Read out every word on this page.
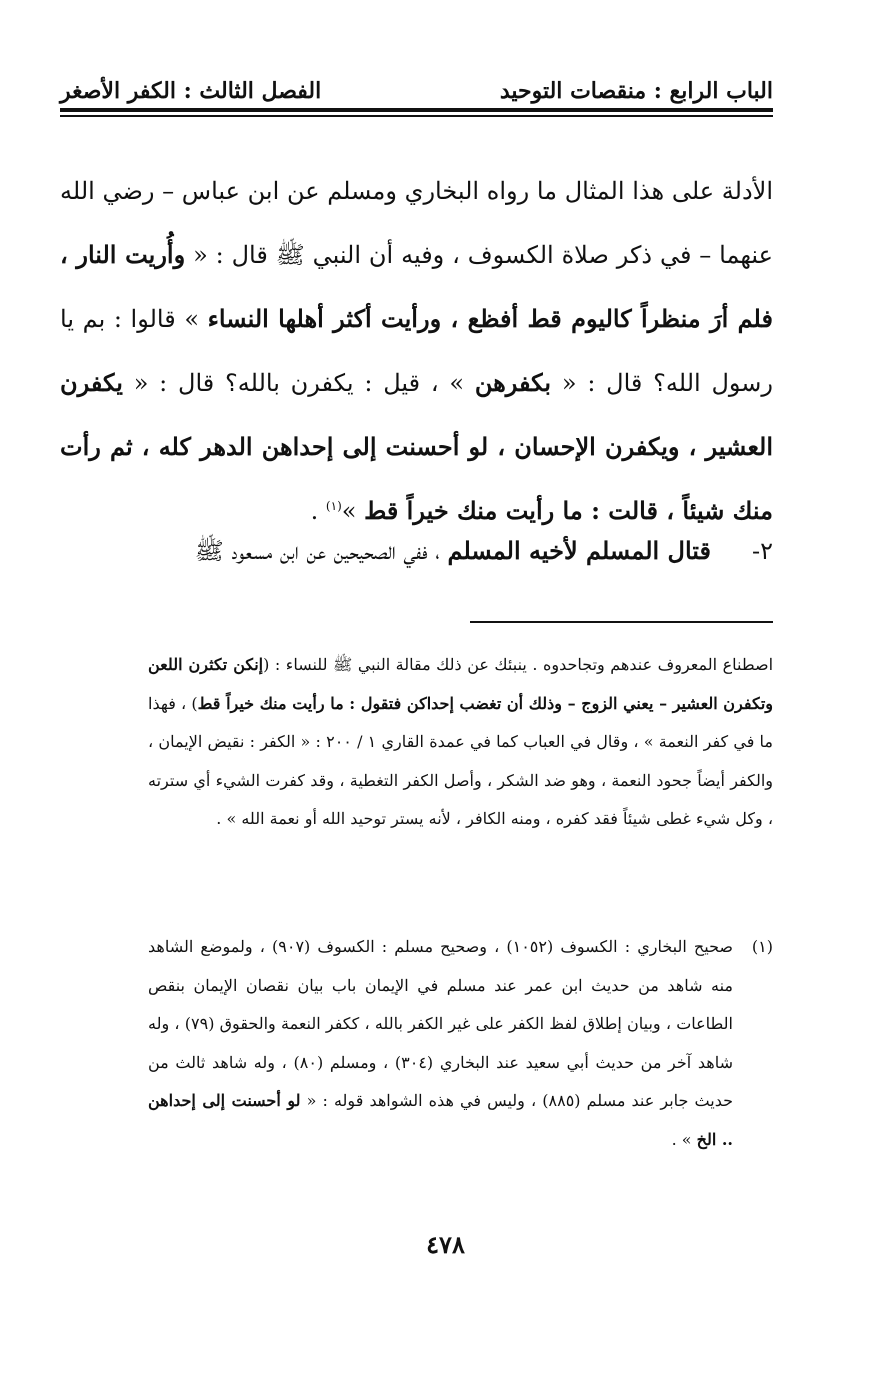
الباب الرابع : منقصات التوحيد
الفصل الثالث : الكفر الأصغر

الأدلة على هذا المثال ما رواه البخاري ومسلم عن ابن عباس – رضي الله عنهما – في ذكر صلاة الكسوف ، وفيه أن النبي ﷺ قال : « وأُريت النار ، فلم أرَ منظراً كاليوم قط أفظع ، ورأيت أكثر أهلها النساء » قالوا : بم يا رسول الله؟ قال : « بكفرهن » ، قيل : يكفرن بالله؟ قال : « يكفرن العشير ، ويكفرن الإحسان ، لو أحسنت إلى إحداهن الدهر كله ، ثم رأت منك شيئاً ، قالت : ما رأيت منك خيراً قط »$^{(١)}$ .

٢-قتال المسلم لأخيه المسلم ، ففي الصحيحين عن ابن مسعود ﷺ

اصطناع المعروف عندهم وتجاحدوه . ينبئك عن ذلك مقالة النبي ﷺ للنساء : (إنكن تكثرن اللعن وتكفرن العشير – يعني الزوج – وذلك أن تغضب إحداكن فتقول : ما رأيت منك خيراً قط) ، فهذا ما في كفر النعمة » ، وقال في العباب كما في عمدة القاري ١ / ٢٠٠ : « الكفر : نقيض الإيمان ، والكفر أيضاً جحود النعمة ، وهو ضد الشكر ، وأصل الكفر التغطية ، وقد كفرت الشيء أي سترته ، وكل شيء غطى شيئاً فقد كفره ، ومنه الكافر ، لأنه يستر توحيد الله أو نعمة الله » .

(١)

صحيح البخاري : الكسوف (١٠٥٢) ، وصحيح مسلم : الكسوف (٩٠٧) ، ولموضع الشاهد منه شاهد من حديث ابن عمر عند مسلم في الإيمان باب بيان نقصان الإيمان بنقص الطاعات ، وبيان إطلاق لفظ الكفر على غير الكفر بالله ، ككفر النعمة والحقوق (٧٩) ، وله شاهد آخر من حديث أبي سعيد عند البخاري (٣٠٤) ، ومسلم (٨٠) ، وله شاهد ثالث من حديث جابر عند مسلم (٨٨٥) ، وليس في هذه الشواهد قوله : « لو أحسنت إلى إحداهن .. الخ » .

٤٧٨
